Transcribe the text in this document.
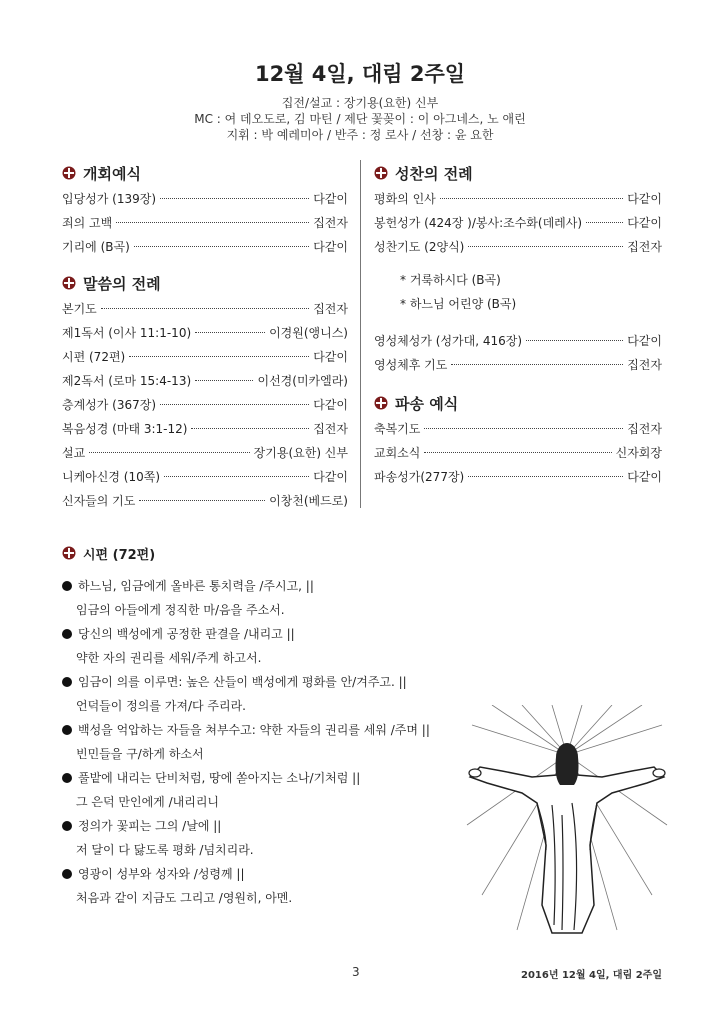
12월 4일, 대림 2주일
집전/설교 : 장기용(요한) 신부
MC : 여 데오도로, 김 마틴 / 제단 꽃꽂이 : 이 아그네스, 노 애린
지휘 : 박 예레미아 / 반주 : 정 로사 / 선창 : 윤 요한
개회예식
입당성가 (139장)	다같이
죄의 고백	집전자
기리에 (B곡)	다같이
말씀의 전례
본기도	집전자
제1독서 (이사 11:1-10)	이경원(앵니스)
시편 (72편)	다같이
제2독서 (로마 15:4-13)	이선경(미카엘라)
층계성가 (367장)	다같이
복음성경 (마태 3:1-12)	집전자
설교	장기용(요한) 신부
니케아신경 (10쪽)	다같이
신자들의 기도	이창천(베드로)
성찬의 전례
평화의 인사	다같이
봉헌성가 (424장 )/봉사:조수화(데레사)	다같이
성찬기도 (2양식)	집전자
* 거룩하시다 (B곡)
* 하느님 어린양 (B곡)
영성체성가 (성가대, 416장)	다같이
영성체후 기도	집전자
파송 예식
축복기도	집전자
교회소식	신자회장
파송성가(277장)	다같이
시편 (72편)
하느님, 임금에게 올바른 통치력을 /주시고, ||
임금의 아들에게 정직한 마/음을 주소서.
당신의 백성에게 공정한 판결을 /내리고 ||
약한 자의 권리를 세워/주게 하고서.
임금이 의를 이루면: 높은 산들이 백성에게 평화를 안/겨주고. ||
언덕들이 정의를 가져/다 주리라.
백성을 억압하는 자들을 쳐부수고: 약한 자들의 권리를 세워 /주며 ||
빈민들을 구/하게 하소서
풀밭에 내리는 단비처럼, 땅에 쏟아지는 소나/기처럼 ||
그 은덕 만인에게 /내리리니
정의가 꽃피는 그의 /날에 ||
저 달이 다 닳도록 평화 /넘치리라.
영광이 성부와 성자와 /성령께 ||
처음과 같이 지금도 그리고 /영원히, 아멘.
3	2016년 12월 4일, 대림 2주일
